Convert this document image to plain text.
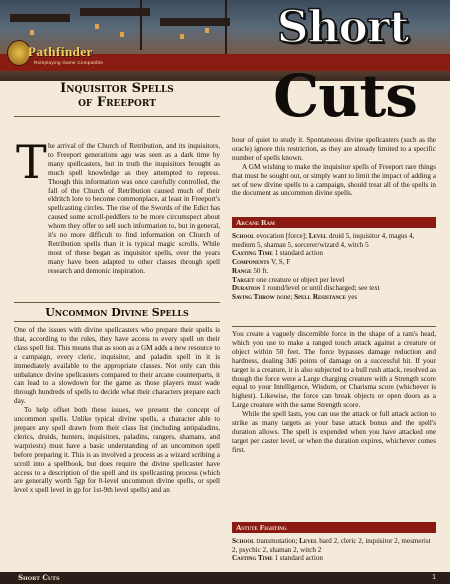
Pathfinder
Roleplaying Game Compatible
Short
Cuts
Inquisitor Spells
of Freeport
T he arrival of the Church of Retribution, and its inquisitors, to Freeport generations ago was seen as a dark time by many spellcasters, but in truth the inquisitors brought as much spell knowledge as they attempted to repress. Though this information was once carefully controlled, the fall of the Church of Retribution caused much of their eldritch lore to become commonplace, at least in Freeport's spellcasting circles. The rise of the Swords of the Edict has caused some scroll-peddlers to be more circumspect about whom they offer to sell such information to, but in general, it's no more difficult to find information on Church of Retribution spells than it is typical magic scrolls. While most of these began as inquisitor spells, over the years many have been adapted to other classes through spell research and demonic inspiration.

Uncommon Divine Spells

One of the issues with divine spellcasters who prepare their spells is that, according to the rules, they have access to every spell on their class spell list. This means that as soon as a GM adds a new resource to a campaign, every cleric, inquisitor, and paladin spell in it is immediately available to the appropriate classes. Not only can this unbalance divine spellcasters compared to their arcane counterparts, it can lead to a slowdown for the game as those players must wade through hundreds of spells to decide what their characters prepare each day.

To help offset both these issues, we present the concept of uncommon spells. Unlike typical divine spells, a character able to prepare any spell drawn from their class list (including antipaladins, clerics, druids, hunters, inquisitors, paladins, rangers, shamans, and warpriests) must have a basic understanding of an uncommon spell before preparing it. This is as involved a process as a wizard scribing a scroll into a spellbook, but does require the divine spellcaster have access to a description of the spell and its spellcasting process (which are generally worth 5gp for 0-level uncommon divine spells, or spell level x spell level in gp for 1st-9th level spells) and an

hour of quiet to study it. Spontaneous divine spellcasters (such as the oracle) ignore this restriction, as they are already limited to a specific number of spells known.

A GM wishing to make the inquisitor spells of Freeport rare things that must be sought out, or simply want to limit the impact of adding a set of new divine spells to a campaign, should treat all of the spells in the document as uncommon divine spells.

Arcane Ram

School evocation [force]; Level druid 5, inquisitor 4, magus 4, medium 5, shaman 5, sorcerer/wizard 4, witch 5

Casting Time 1 standard action

Components V, S, F

Range 50 ft.

Target one creature or object per level

Duration 1 round/level or until discharged; see text

Saving Throw none; Spell Resistance yes

You create a vaguely discernible force in the shape of a ram's head, which you use to make a ranged touch attack against a creature or object within 50 feet. The force bypasses damage reduction and hardness, dealing 3d6 points of damage on a successful hit. If your target is a creature, it is also subjected to a bull rush attack, resolved as though the force were a Large charging creature with a Strength score equal to your Intelligence, Wisdom, or Charisma score (whichever is highest). Likewise, the force can break objects or open doors as a Large creature with the same Strength score.

While the spell lasts, you can use the attack or full attack action to strike as many targets as your base attack bonus and the spell's duration allows. The spell is expended when you have attacked one target per caster level, or when the duration expires, whichever comes first.

Astute Fighting

School transmutation; Level bard 2, cleric 2, inquisitor 2, mesmerist 2, psychic 2, shaman 2, witch 2

Casting Time 1 standard action

Short Cuts	1
